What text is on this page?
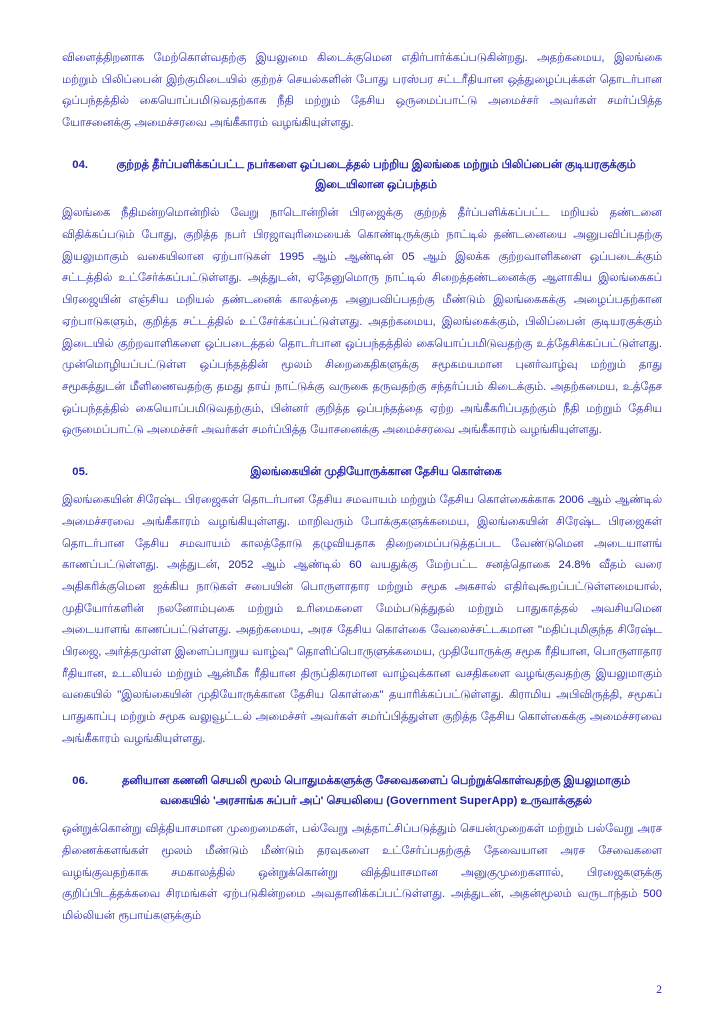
விளைத்திறனாக மேற்கொள்வதற்கு இயலுமை கிடைக்குமென எதிர்பார்க்கப்படுகின்றது. அதற்கமைய, இலங்கை மற்றும் பிலிப்பைன் இற்குமிடையில் குற்றச் செயல்களின் போது பரஸ்பர சட்டரீதியான ஒத்துழைப்புக்கள் தொடர்பான ஒப்பந்தத்தில் கையொப்பமிடுவதற்காக நீதி மற்றும் தேசிய ஒருமைப்பாட்டு அமைச்சர் அவர்கள் சமர்ப்பித்த யோசனைக்கு அமைச்சரவை அங்கீகாரம் வழங்கியுள்ளது.

04.	குற்றத் தீர்ப்பளிக்கப்பட்ட நபர்களை ஒப்படைத்தல் பற்றிய இலங்கை மற்றும் பிலிப்பைன் குடியரகுக்கும் இடையிலான ஒப்பந்தம்

இலங்கை நீதிமன்றமொன்றில் வேறு நாடொன்றின் பிரஜைக்கு குற்றத் தீர்ப்பளிக்கப்பட்ட மறியல் தண்டனை விதிக்கப்படும் போது, குறித்த நபர் பிரஜாவுரிமையைக் கொண்டிருக்கும் நாட்டில் தண்டனையை அனுபவிப்பதற்கு இயலுமாகும் வகையிலான ஏற்பாடுகள் 1995 ஆம் ஆண்டின் 05 ஆம் இலக்க குற்றவாளிகளை ஒப்படைக்கும் சட்டத்தில் உட்சேர்க்கப்பட்டுள்ளது. அத்துடன், ஏதேனுமொரு நாட்டில் சிறைத்தண்டனைக்கு ஆளாகிய இலங்கைகப் பிரஜையின் எஞ்சிய மறியல் தண்டனைக் காலத்தை அனுபவிப்பதற்கு மீண்டும் இலங்கைகக்கு அழைப்பதற்கான ஏற்பாடுகளும், குறித்த சட்டத்தில் உட்சேர்க்கப்பட்டுள்ளது. அதற்கமைய, இலங்கைக்கும், பிலிப்பைன் குடியரகுக்கும் இடையில் குற்றவாளிகளை ஒப்படைத்தல் தொடர்பான ஒப்பந்தத்தில் கையொப்பமிடுவதற்கு உத்தேசிக்கப்பட்டுள்ளது. முன்மொழியப்பட்டுள்ள ஒப்பந்தத்தின் மூலம் சிறைகைதிகளுக்கு சமூகமயமான புனர்வாழ்வு மற்றும் தாது சமூகத்துடன் மீளிணைவதற்கு தமது தாய் நாட்டுக்கு வருகை தருவதற்கு சந்தர்ப்பம் கிடைக்கும். அதற்கமைய, உத்தேச ஒப்பந்தத்தில் கையொப்பமிடுவதற்கும், பின்னர் குறித்த ஒப்பந்தத்தை ஏற்ற அங்கீகரிப்பதற்கும் நீதி மற்றும் தேசிய ஒருமைப்பாட்டு அமைச்சர் அவர்கள் சமர்ப்பித்த யோசனைக்கு அமைச்சரவை அங்கீகாரம் வழங்கியுள்ளது.

05.	இலங்கையின் முதியோருக்கான தேசிய கொள்கை

இலங்கையின் சிரேஷ்ட பிரஜைகள் தொடர்பான தேசிய சமவாயம் மற்றும் தேசிய கொள்கைக்காக 2006 ஆம் ஆண்டில் அமைச்சரவை அங்கீகாரம் வழங்கியுள்ளது. மாறிவரும் போக்குகளுக்கமைய, இலங்கையின் சிரேஷ்ட பிரஜைகள் தொடர்பான தேசிய சமவாயம் காலத்தோடு தழுவியதாக திறைமைப்படுத்தப்பட வேண்டுமென அடையாளங் காணப்பட்டுள்ளது. அத்துடன், 2052 ஆம் ஆண்டில் 60 வயதுக்கு மேற்பட்ட சனத்தொகை 24.8% வீதம் வரை அதிகரிக்குமென ஐக்கிய நாடுகள் சபையின் பொருளாதார மற்றும் சமூக அகசால் எதிர்வுகூறப்பட்டுள்ளமையால், முதியோர்களின் நலனோம்புகை மற்றும் உரிமைகளை மேம்படுத்துதல் மற்றும் பாதுகாத்தல் அவசியமென அடையாளங் காணப்பட்டுள்ளது. அதற்கமைய, அரச தேசிய கொள்கை வேலைச்சட்டகமான ''மதிப்புமிகுந்த சிரேஷ்ட பிரஜை, அர்த்தமுள்ள இளைப்பாறுய வாழ்வு'' தொளிப்பொருளுக்கமைய, முதியோருக்கு சமூக ரீதியான, பொருளாதார ரீதியான, உடலியல் மற்றும் ஆன்மீக ரீதியான திருப்திகரமான வாழ்வுக்கான வசதிகளை வழங்குவதற்கு இயலுமாகும் வகையில் ''இலங்கையின் முதியோருக்கான தேசிய கொள்கை'' தயாரிக்கப்பட்டுள்ளது. கிராமிய அபிவிருத்தி, சமூகப் பாதுகாப்பு மற்றும் சமூக வலுவூட்டல் அமைச்சர் அவர்கள் சமர்ப்பித்துள்ள குறித்த தேசிய கொள்கைக்கு அமைச்சரவை அங்கீகாரம் வழங்கியுள்ளது.

06.	தனியான கணனி செயலி மூலம் பொதுமக்களுக்கு சேவைகளைப் பெற்றுக்கொள்வதற்கு இயலுமாகும் வகையில் 'அரசாங்க சுப்பர் அப்' செயலியை (Government SuperApp) உருவாக்குதல்

ஒன்றுக்கொன்று வித்தியாசமான முறைமைகள், பல்வேறு அத்தாட்சிப்படுத்தும் செயன்முறைகள் மற்றும் பல்வேறு அரச திணைக்களங்கள் மூலம் மீண்டும் மீண்டும் தரவுகளை உட்சேர்ப்பதற்குத் தேவையான அரச சேவைகளை வழங்குவதற்காக சமகாலத்தில் ஒன்றுக்கொன்று வித்தியாசமான அனுகுமுறைகளால், பிரஜைகளுக்கு குறிப்பிடத்தக்கவை சிரமங்கள் ஏற்படுகின்றமை அவதானிக்கப்பட்டுள்ளது. அத்துடன், அதன்மூலம் வருடாந்தம் 500 மில்லியன் ரூபாய்களுக்கும்

2
